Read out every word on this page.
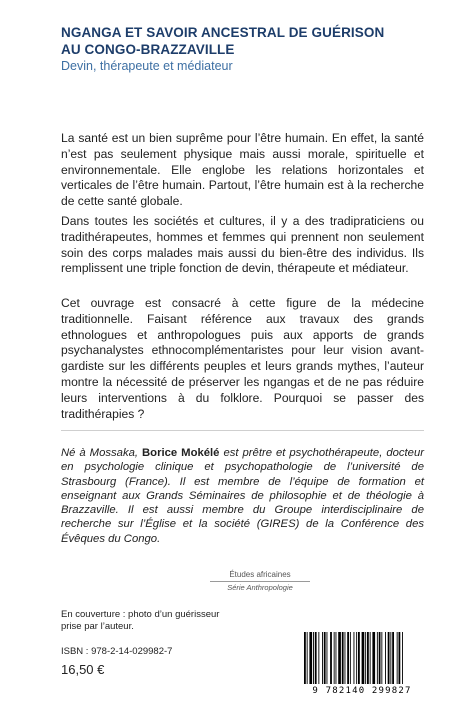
NGANGA ET SAVOIR ANCESTRAL DE GUÉRISON
AU CONGO-BRAZZAVILLE
Devin, thérapeute et médiateur
La santé est un bien suprême pour l’être humain. En effet, la santé n’est pas seulement physique mais aussi morale, spirituelle et environnementale. Elle englobe les relations horizontales et verticales de l’être humain. Partout, l’être humain est à la recherche de cette santé globale.
Dans toutes les sociétés et cultures, il y a des tradipraticiens ou tradithérapeutes, hommes et femmes qui prennent non seulement soin des corps malades mais aussi du bien-être des individus. Ils remplissent une triple fonction de devin, thérapeute et médiateur.
Cet ouvrage est consacré à cette figure de la médecine traditionnelle. Faisant référence aux travaux des grands ethnologues et anthropologues puis aux apports de grands psychanalystes ethnocomplémentaristes pour leur vision avant-gardiste sur les différents peuples et leurs grands mythes, l’auteur montre la nécessité de préserver les ngangas et de ne pas réduire leurs interventions à du folklore. Pourquoi se passer des tradithérapies ?
Né à Mossaka, Borice Mokélé est prêtre et psychothérapeute, docteur en psychologie clinique et psychopathologie de l’université de Strasbourg (France). Il est membre de l’équipe de formation et enseignant aux Grands Séminaires de philosophie et de théologie à Brazzaville. Il est aussi membre du Groupe interdisciplinaire de recherche sur l’Église et la société (GIRES) de la Conférence des Évêques du Congo.
Études africaines
Série Anthropologie
En couverture : photo d’un guérisseur
prise par l’auteur.
ISBN : 978-2-14-029982-7
16,50 €
9 782140 299827
